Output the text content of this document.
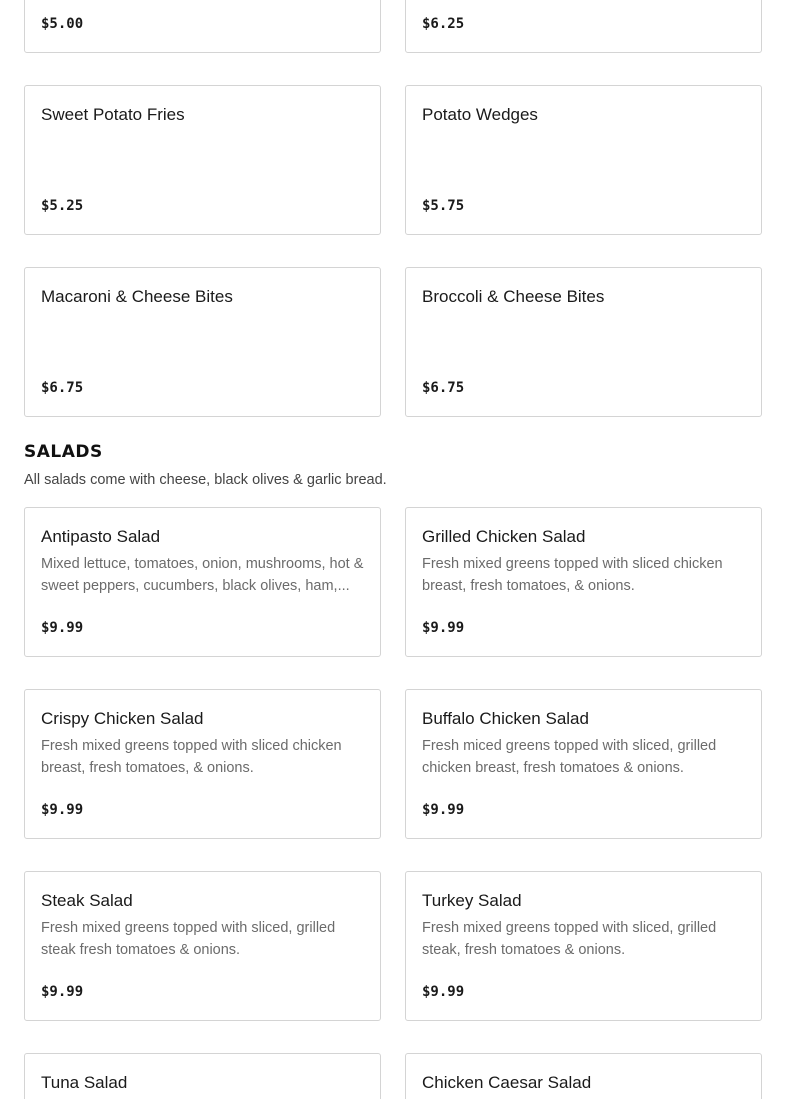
$5.00	$6.25
Sweet Potato Fries
$5.25
Potato Wedges
$5.75
Macaroni & Cheese Bites
$6.75
Broccoli & Cheese Bites
$6.75
SALADS

All salads come with cheese, black olives & garlic bread.

Antipasto Salad
Mixed lettuce, tomatoes, onion, mushrooms, hot & sweet peppers, cucumbers, black olives, ham,...
$9.99
Grilled Chicken Salad
Fresh mixed greens topped with sliced chicken breast, fresh tomatoes, & onions.
$9.99
Crispy Chicken Salad
Fresh mixed greens topped with sliced chicken breast, fresh tomatoes, & onions.
$9.99
Buffalo Chicken Salad
Fresh miced greens topped with sliced, grilled chicken breast, fresh tomatoes & onions.
$9.99
Steak Salad
Fresh mixed greens topped with sliced, grilled steak fresh tomatoes & onions.
$9.99
Turkey Salad
Fresh mixed greens topped with sliced, grilled steak, fresh tomatoes & onions.
$9.99
Tuna Salad	Chicken Caesar Salad
